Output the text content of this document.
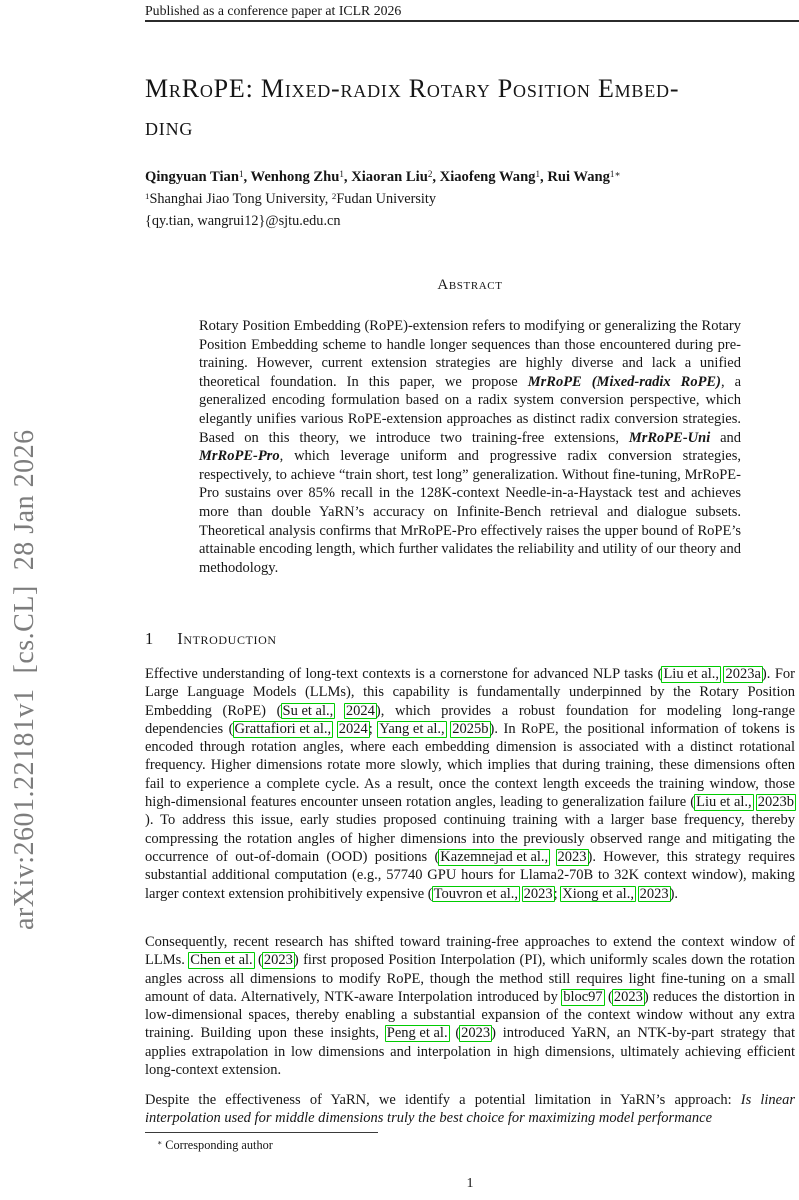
Published as a conference paper at ICLR 2026
arXiv:2601.22181v1  [cs.CL]  28 Jan 2026
MrRoPE: Mixed-radix Rotary Position Embed-
ding
Qingyuan Tian$^1$, Wenhong Zhu$^1$, Xiaoran Liu$^2$, Xiaofeng Wang$^1$, Rui Wang$^{1∗}$
$^1$Shanghai Jiao Tong University, $^2$Fudan University
{qy.tian, wangrui12}@sjtu.edu.cn
Abstract
Rotary Position Embedding (RoPE)-extension refers to modifying or generalizing the Rotary Position Embedding scheme to handle longer sequences than those encountered during pre-training. However, current extension strategies are highly diverse and lack a unified theoretical foundation. In this paper, we propose MrRoPE (Mixed-radix RoPE), a generalized encoding formulation based on a radix system conversion perspective, which elegantly unifies various RoPE-extension approaches as distinct radix conversion strategies. Based on this theory, we introduce two training-free extensions, MrRoPE-Uni and MrRoPE-Pro, which leverage uniform and progressive radix conversion strategies, respectively, to achieve “train short, test long” generalization. Without fine-tuning, MrRoPE-Pro sustains over 85% recall in the 128K-context Needle-in-a-Haystack test and achieves more than double YaRN’s accuracy on Infinite-Bench retrieval and dialogue subsets. Theoretical analysis confirms that MrRoPE-Pro effectively raises the upper bound of RoPE’s attainable encoding length, which further validates the reliability and utility of our theory and methodology.
1 Introduction
Effective understanding of long-text contexts is a cornerstone for advanced NLP tasks (Liu et al., 2023a). For Large Language Models (LLMs), this capability is fundamentally underpinned by the Rotary Position Embedding (RoPE) (Su et al., 2024), which provides a robust foundation for modeling long-range dependencies (Grattafiori et al., 2024; Yang et al., 2025b). In RoPE, the positional information of tokens is encoded through rotation angles, where each embedding dimension is associated with a distinct rotational frequency. Higher dimensions rotate more slowly, which implies that during training, these dimensions often fail to experience a complete cycle. As a result, once the context length exceeds the training window, those high-dimensional features encounter unseen rotation angles, leading to generalization failure (Liu et al., 2023b). To address this issue, early studies proposed continuing training with a larger base frequency, thereby compressing the rotation angles of higher dimensions into the previously observed range and mitigating the occurrence of out-of-domain (OOD) positions (Kazemnejad et al., 2023). However, this strategy requires substantial additional computation (e.g., 57740 GPU hours for Llama2-70B to 32K context window), making larger context extension prohibitively expensive (Touvron et al., 2023; Xiong et al., 2023).
Consequently, recent research has shifted toward training-free approaches to extend the context window of LLMs. Chen et al. (2023) first proposed Position Interpolation (PI), which uniformly scales down the rotation angles across all dimensions to modify RoPE, though the method still requires light fine-tuning on a small amount of data. Alternatively, NTK-aware Interpolation introduced by bloc97 (2023) reduces the distortion in low-dimensional spaces, thereby enabling a substantial expansion of the context window without any extra training. Building upon these insights, Peng et al. (2023) introduced YaRN, an NTK-by-part strategy that applies extrapolation in low dimensions and interpolation in high dimensions, ultimately achieving efficient long-context extension.
Despite the effectiveness of YaRN, we identify a potential limitation in YaRN’s approach: Is linear interpolation used for middle dimensions truly the best choice for maximizing model performance
∗ Corresponding author
1
